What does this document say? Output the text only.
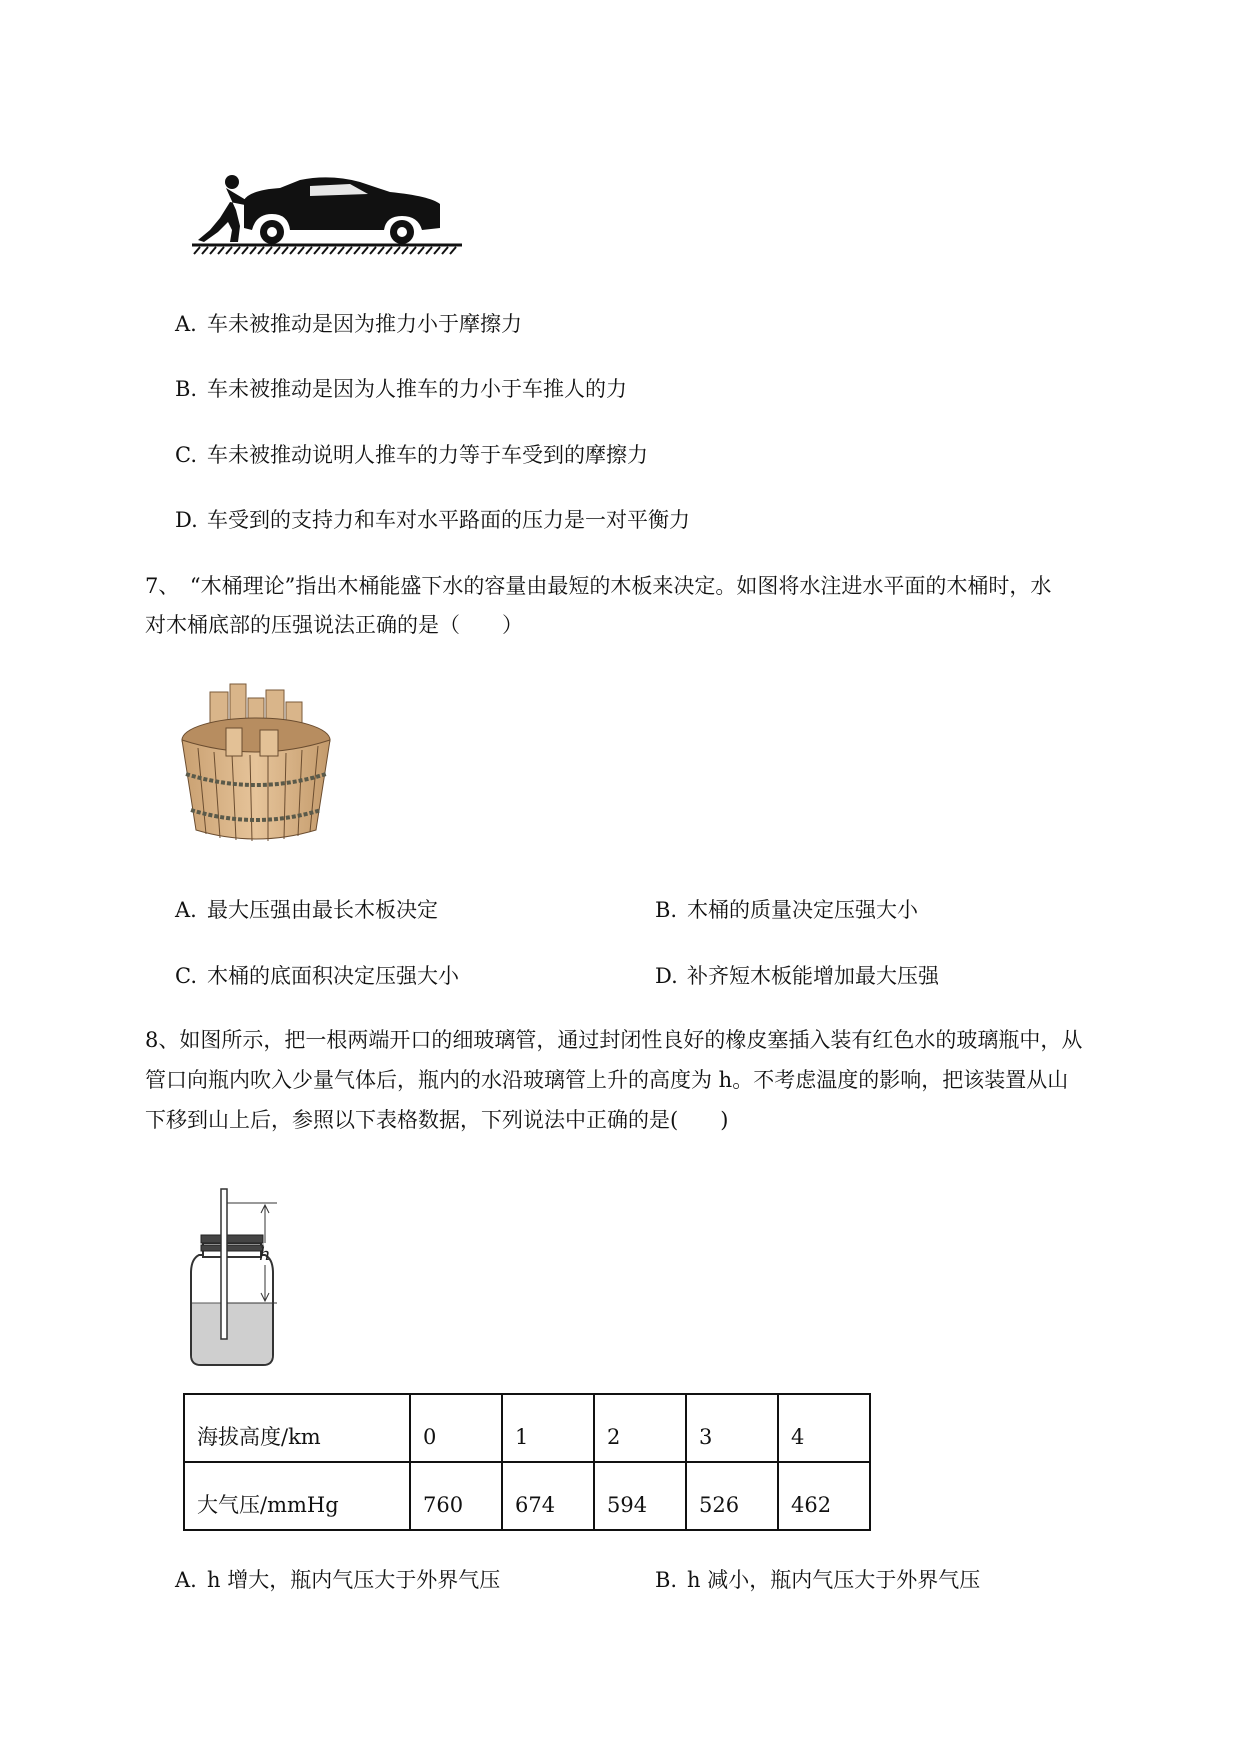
A. 车未被推动是因为推力小于摩擦力
B. 车未被推动是因为人推车的力小于车推人的力
C. 车未被推动说明人推车的力等于车受到的摩擦力
D. 车受到的支持力和车对水平路面的压力是一对平衡力
7、　“木桶理论”指出木桶能盛下水的容量由最短的木板来决定。如图将水注进水平面的木桶时，水
对木桶底部的压强说法正确的是（　　）
A. 最大压强由最长木板决定	B. 木桶的质量决定压强大小
C. 木桶的底面积决定压强大小	D. 补齐短木板能增加最大压强
8、如图所示，把一根两端开口的细玻璃管，通过封闭性良好的橡皮塞插入装有红色水的玻璃瓶中，从
管口向瓶内吹入少量气体后，瓶内的水沿玻璃管上升的高度为 h。不考虑温度的影响，把该装置从山
下移到山上后，参照以下表格数据，下列说法中正确的是(　　)
h
海拔高度/km	0	1	2	3	4
大气压/mmHg	760	674	594	526	462
A. h 增大，瓶内气压大于外界气压	B. h 减小，瓶内气压大于外界气压
